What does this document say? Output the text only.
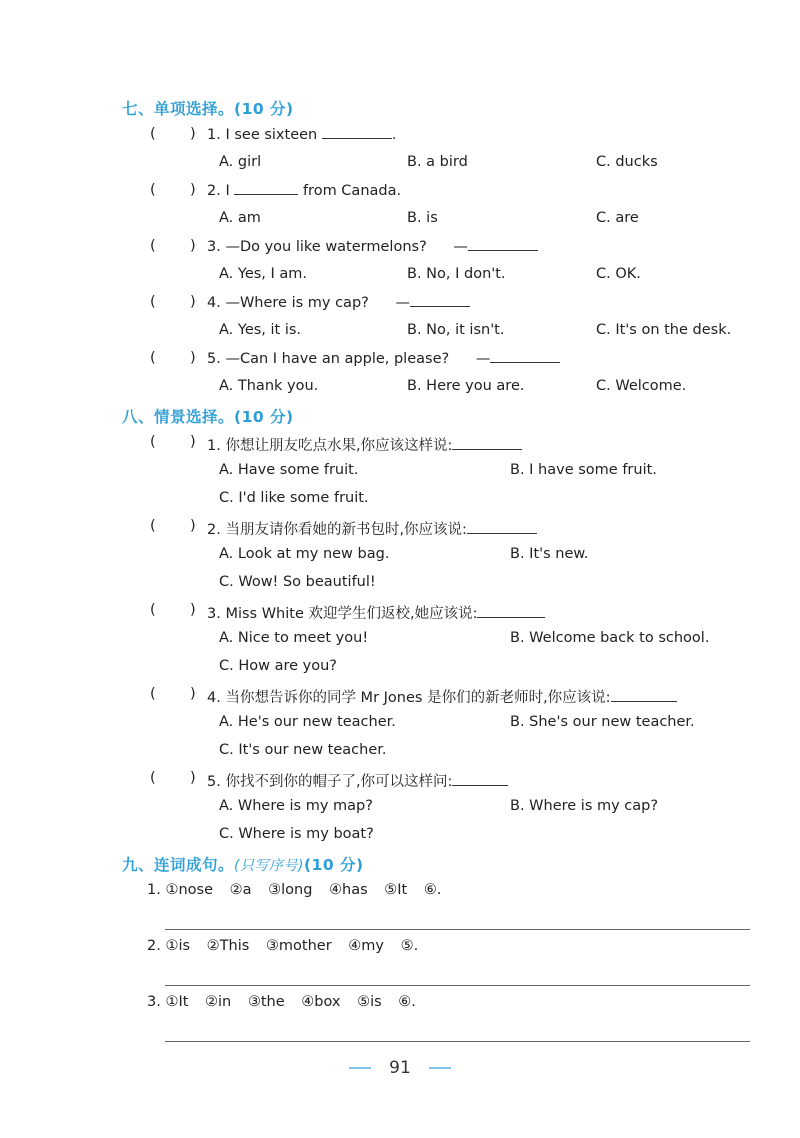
七、单项选择。(10 分)
( ) 1. I see sixteen	.
A. girl	B. a bird	C. ducks
( ) 2. I	from Canada.
A. am	B. is	C. are
( ) 3. —Do you like watermelons? —
A. Yes, I am.	B. No, I don't.	C. OK.
( ) 4. —Where is my cap? —
A. Yes, it is.	B. No, it isn't.	C. It's on the desk.
( ) 5. —Can I have an apple, please? —
A. Thank you.	B. Here you are.	C. Welcome.
八、情景选择。(10 分)
( ) 1. 你想让朋友吃点水果,你应该这样说:
A. Have some fruit.	B. I have some fruit.
C. I'd like some fruit.
( ) 2. 当朋友请你看她的新书包时,你应该说:
A. Look at my new bag.	B. It's new.
C. Wow! So beautiful!
( ) 3. Miss White 欢迎学生们返校,她应该说:
A. Nice to meet you!	B. Welcome back to school.
C. How are you?
( ) 4. 当你想告诉你的同学 Mr Jones 是你们的新老师时,你应该说:
A. He's our new teacher.	B. She's our new teacher.
C. It's our new teacher.
( ) 5. 你找不到你的帽子了,你可以这样问:
A. Where is my map?	B. Where is my cap?
C. Where is my boat?
九、连词成句。(只写序号)(10 分)
1. ①nose ②a ③long ④has ⑤It ⑥.
2. ①is ②This ③mother ④my ⑤.
3. ①It ②in ③the ④box ⑤is ⑥.
91
